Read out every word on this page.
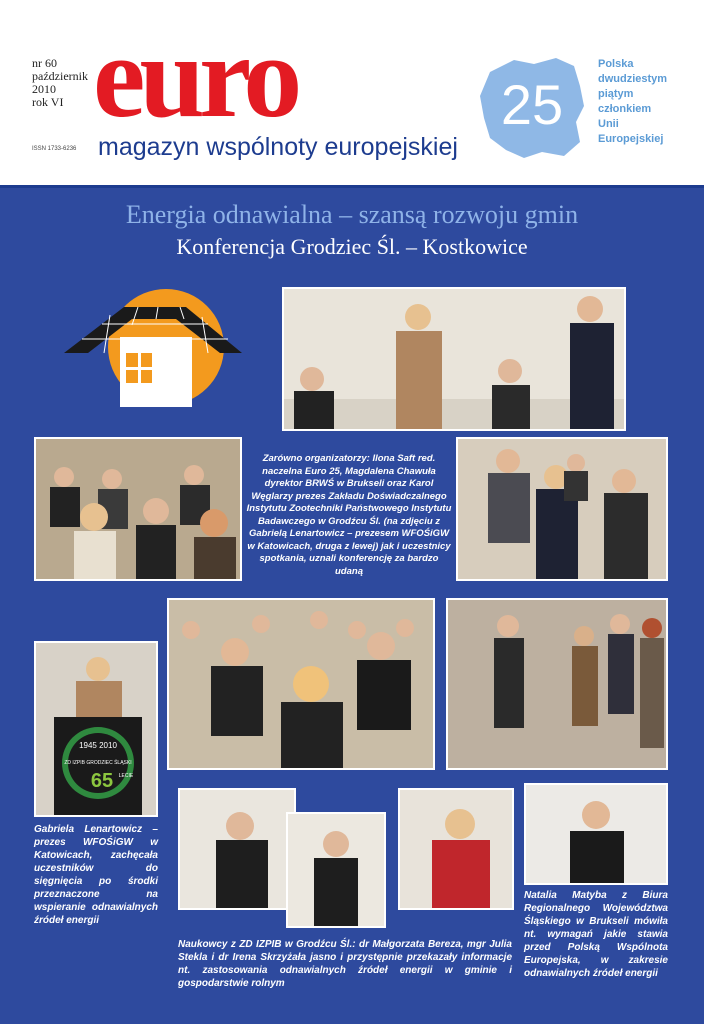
nr 60
październik
2010
rok VI
ISSN 1733-6236
euro
magazyn wspólnoty europejskiej
25
Polska
dwudziestym
piątym
członkiem
Unii
Europejskiej
Energia odnawialna – szansą rozwoju gmin
Konferencja Grodziec Śl. – Kostkowice

Zarówno organizatorzy: Ilona Saft red. naczelna Euro 25, Magdalena Chawuła dyrektor BRWŚ w Brukseli oraz Karol Węglarzy prezes Zakładu Doświadczalnego Instytutu Zootechniki Państwowego Instytutu Badawczego w Grodźcu Śl. (na zdjęciu z Gabrielą Lenartowicz – prezesem WFOŚiGW w Katowicach, druga z lewej) jak i uczestnicy spotkania, uznali konferencję za bardzo udaną

1945 2010
ZD IZPIB GRODZIEC ŚLĄSKI
65 LECIE

Gabriela Lenartowicz – prezes WFOŚiGW w Katowicach, zachęcała uczestników do sięgnięcia po środki przeznaczone na wspieranie odnawialnych źródeł energii

Naukowcy z ZD IZPIB w Grodźcu Śl.: dr Małgorzata Bereza, mgr Julia Stekla i dr Irena Skrzyżała jasno i przystępnie przekazały informacje nt. zastosowania odnawialnych źródeł energii w gminie i gospodarstwie rolnym

Natalia Matyba z Biura Regionalnego Województwa Śląskiego w Brukseli mówiła nt. wymagań jakie stawia przed Polską Wspólnota Europejska, w zakresie odnawialnych źródeł energii
